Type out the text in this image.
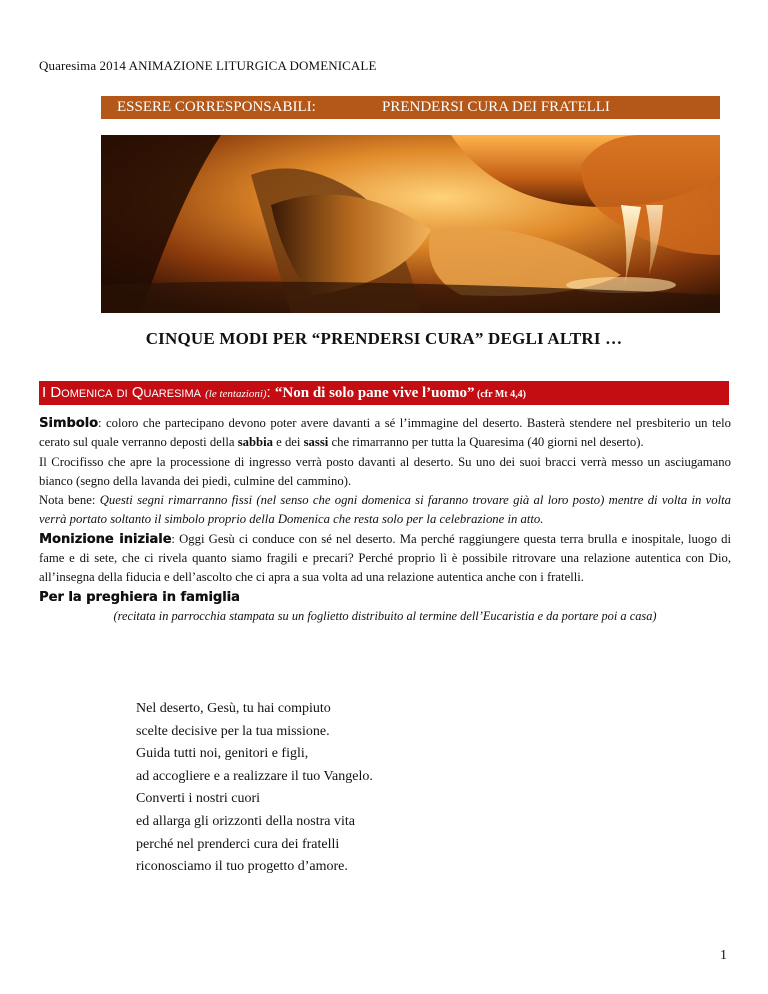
Quaresima 2014 ANIMAZIONE LITURGICA DOMENICALE
ESSERE CORRESPONSABILI:	PRENDERSI CURA DEI FRATELLI
CINQUE MODI PER “PRENDERSI CURA” DEGLI ALTRI …
I Domenica di Quaresima (le tentazioni): “Non di solo pane vive l’uomo” (cfr Mt 4,4)

Simbolo: coloro che partecipano devono poter avere davanti a sé l’immagine del deserto. Basterà stendere nel presbiterio un telo cerato sul quale verranno deposti della sabbia e dei sassi che rimarranno per tutta la Quaresima (40 giorni nel deserto).

Il Crocifisso che apre la processione di ingresso verrà posto davanti al deserto. Su uno dei suoi bracci verrà messo un asciugamano bianco (segno della lavanda dei piedi, culmine del cammino).

Nota bene: Questi segni rimarranno fissi (nel senso che ogni domenica si faranno trovare già al loro posto) mentre di volta in volta verrà portato soltanto il simbolo proprio della Domenica che resta solo per la celebrazione in atto.

Monizione iniziale: Oggi Gesù ci conduce con sé nel deserto. Ma perché raggiungere questa terra brulla e inospitale, luogo di fame e di sete, che ci rivela quanto siamo fragili e precari? Perché proprio lì è possibile ritrovare una relazione autentica con Dio, all’insegna della fiducia e dell’ascolto che ci apra a sua volta ad una relazione autentica anche con i fratelli.

Per la preghiera in famiglia

(recitata in parrocchia stampata su un foglietto distribuito al termine dell’Eucaristia e da portare poi a casa)

Nel deserto, Gesù, tu hai compiuto
scelte decisive per la tua missione.
Guida tutti noi, genitori e figli,
ad accogliere e a realizzare il tuo Vangelo.
Converti i nostri cuori
ed allarga gli orizzonti della nostra vita
perché nel prenderci cura dei fratelli
riconosciamo il tuo progetto d’amore.
1
